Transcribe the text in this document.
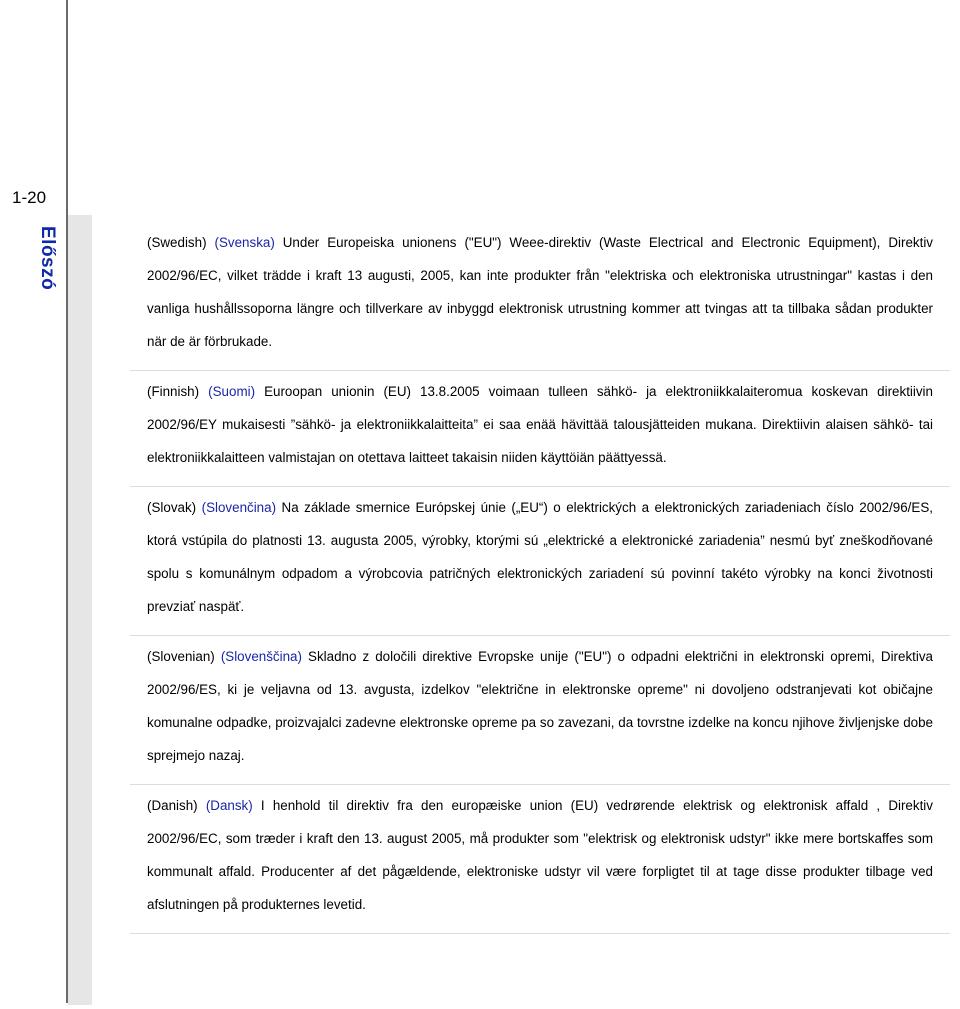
1-20
Előszó	(Swedish) (Svenska) Under Europeiska unionens ("EU") Weee-direktiv (Waste Electrical and Electronic Equipment), Direktiv 2002/96/EC, vilket trädde i kraft 13 augusti, 2005, kan inte produkter från "elektriska och elektroniska utrustningar" kastas i den vanliga hushållssoporna längre och tillverkare av inbyggd elektronisk utrustning kommer att tvingas att ta tillbaka sådan produkter när de är förbrukade.

(Finnish) (Suomi) Euroopan unionin (EU) 13.8.2005 voimaan tulleen sähkö- ja elektroniikkalaiteromua koskevan direktiivin 2002/96/EY mukaisesti ”sähkö- ja elektroniikkalaitteita” ei saa enää hävittää talousjätteiden mukana. Direktiivin alaisen sähkö- tai elektroniikkalaitteen valmistajan on otettava laitteet takaisin niiden käyttöiän päättyessä.

(Slovak) (Slovenčina) Na základe smernice Európskej únie („EU“) o elektrických a elektronických zariadeniach číslo 2002/96/ES, ktorá vstúpila do platnosti 13. augusta 2005, výrobky, ktorými sú „elektrické a elektronické zariadenia” nesmú byť zneškodňované spolu s komunálnym odpadom a výrobcovia patričných elektronických zariadení sú povinní takéto výrobky na konci životnosti prevziať naspäť.

(Slovenian) (Slovenščina) Skladno z določili direktive Evropske unije ("EU") o odpadni električni in elektronski opremi, Direktiva 2002/96/ES, ki je veljavna od 13. avgusta, izdelkov "električne in elektronske opreme" ni dovoljeno odstranjevati kot običajne komunalne odpadke, proizvajalci zadevne elektronske opreme pa so zavezani, da tovrstne izdelke na koncu njihove življenjske dobe sprejmejo nazaj.

(Danish) (Dansk) I henhold til direktiv fra den europæiske union (EU) vedrørende elektrisk og elektronisk affald , Direktiv 2002/96/EC, som træder i kraft den 13. august 2005, må produkter som "elektrisk og elektronisk udstyr" ikke mere bortskaffes som kommunalt affald. Producenter af det pågældende, elektroniske udstyr vil være forpligtet til at tage disse produkter tilbage ved afslutningen på produkternes levetid.
